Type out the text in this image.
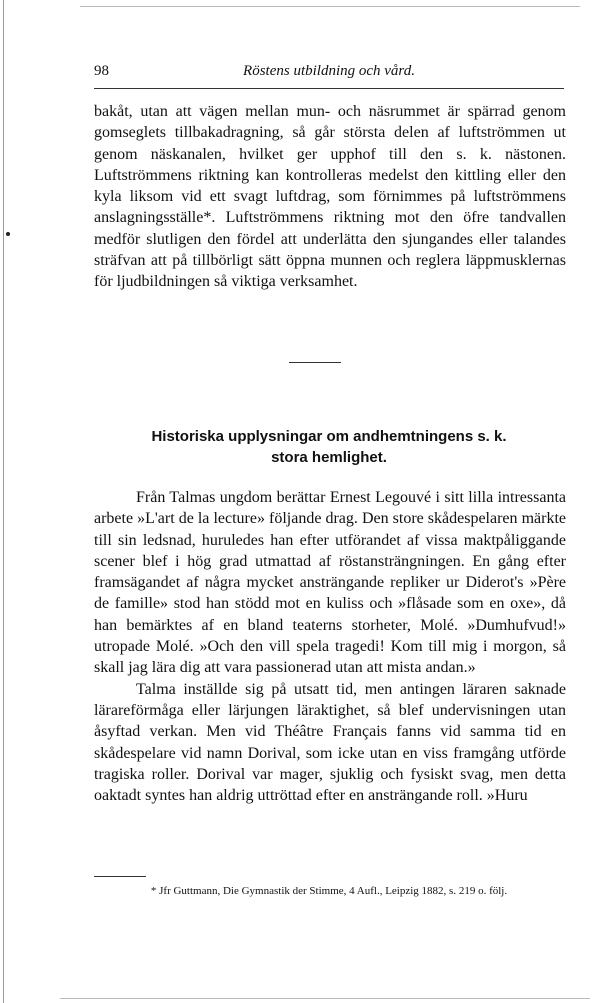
98	Röstens utbildning och vård.

bakåt, utan att vägen mellan mun- och näsrummet är spärrad genom gomseglets tillbakadragning, så går största delen af luftströmmen ut genom näskanalen, hvilket ger upphof till den s. k. nästonen. Luftströmmens riktning kan kontrolleras medelst den kittling eller den kyla liksom vid ett svagt luftdrag, som förnimmes på luftströmmens anslagningsställe*. Luftströmmens riktning mot den öfre tandvallen medför slutligen den fördel att underlätta den sjungandes eller talandes sträfvan att på tillbörligt sätt öppna munnen och reglera läppmusklernas för ljudbildningen så viktiga verksamhet.

Historiska upplysningar om andhemtningens s. k.
stora hemlighet.

Från Talmas ungdom berättar Ernest Legouvé i sitt lilla intressanta arbete »L'art de la lecture» följande drag. Den store skådespelaren märkte till sin ledsnad, huruledes han efter utförandet af vissa maktpåliggande scener blef i hög grad utmattad af röstansträngningen. En gång efter framsägandet af några mycket ansträngande repliker ur Diderot's »Père de famille» stod han stödd mot en kuliss och »flåsade som en oxe», då han bemärktes af en bland teaterns storheter, Molé. »Dumhufvud!» utropade Molé. »Och den vill spela tragedi! Kom till mig i morgon, så skall jag lära dig att vara passionerad utan att mista andan.»

Talma inställde sig på utsatt tid, men antingen läraren saknade lärareförmåga eller lärjungen läraktighet, så blef undervisningen utan åsyftad verkan. Men vid Théâtre Français fanns vid samma tid en skådespelare vid namn Dorival, som icke utan en viss framgång utförde tragiska roller. Dorival var mager, sjuklig och fysiskt svag, men detta oaktadt syntes han aldrig uttröttad efter en ansträngande roll. »Huru

* Jfr Guttmann, Die Gymnastik der Stimme, 4 Aufl., Leipzig 1882, s. 219 o. följ.
